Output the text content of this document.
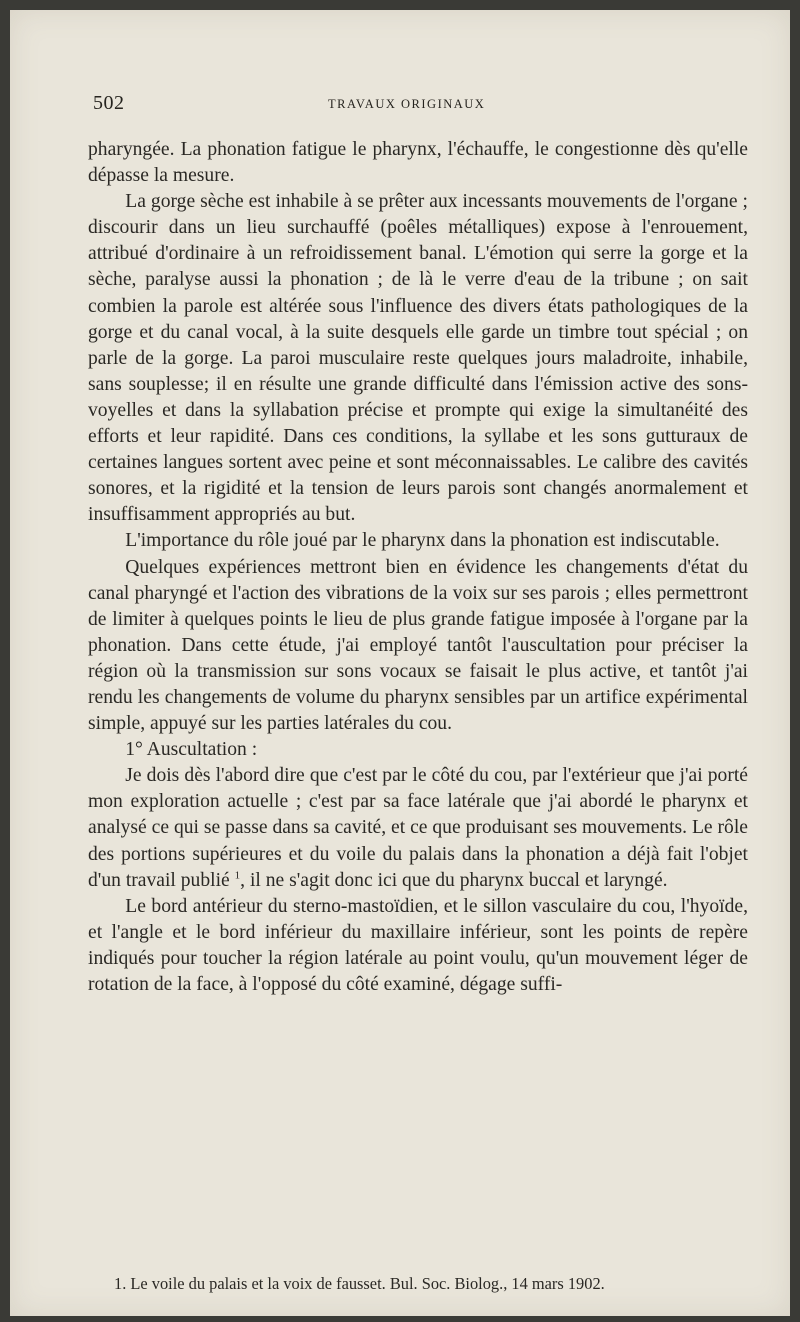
502	TRAVAUX ORIGINAUX

pharyngée. La phonation fatigue le pharynx, l'échauffe, le congestionne dès qu'elle dépasse la mesure.

La gorge sèche est inhabile à se prêter aux incessants mouvements de l'organe ; discourir dans un lieu surchauffé (poêles métalliques) expose à l'enrouement, attribué d'ordinaire à un refroidissement banal. L'émotion qui serre la gorge et la sèche, paralyse aussi la phonation ; de là le verre d'eau de la tribune ; on sait combien la parole est altérée sous l'influence des divers états pathologiques de la gorge et du canal vocal, à la suite desquels elle garde un timbre tout spécial ; on parle de la gorge. La paroi musculaire reste quelques jours maladroite, inhabile, sans souplesse; il en résulte une grande difficulté dans l'émission active des sons-voyelles et dans la syllabation précise et prompte qui exige la simultanéité des efforts et leur rapidité. Dans ces conditions, la syllabe et les sons gutturaux de certaines langues sortent avec peine et sont méconnaissables. Le calibre des cavités sonores, et la rigidité et la tension de leurs parois sont changés anormalement et insuffisamment appropriés au but.

L'importance du rôle joué par le pharynx dans la phonation est indiscutable.

Quelques expériences mettront bien en évidence les changements d'état du canal pharyngé et l'action des vibrations de la voix sur ses parois ; elles permettront de limiter à quelques points le lieu de plus grande fatigue imposée à l'organe par la phonation. Dans cette étude, j'ai employé tantôt l'auscultation pour préciser la région où la transmission sur sons vocaux se faisait le plus active, et tantôt j'ai rendu les changements de volume du pharynx sensibles par un artifice expérimental simple, appuyé sur les parties latérales du cou.

1° Auscultation :

Je dois dès l'abord dire que c'est par le côté du cou, par l'extérieur que j'ai porté mon exploration actuelle ; c'est par sa face latérale que j'ai abordé le pharynx et analysé ce qui se passe dans sa cavité, et ce que produisant ses mouvements. Le rôle des portions supérieures et du voile du palais dans la phonation a déjà fait l'objet d'un travail publié $^1$, il ne s'agit donc ici que du pharynx buccal et laryngé.

Le bord antérieur du sterno-mastoïdien, et le sillon vasculaire du cou, l'hyoïde, et l'angle et le bord inférieur du maxillaire inférieur, sont les points de repère indiqués pour toucher la région latérale au point voulu, qu'un mouvement léger de rotation de la face, à l'opposé du côté examiné, dégage suffi-

1. Le voile du palais et la voix de fausset. Bul. Soc. Biolog., 14 mars 1902.
